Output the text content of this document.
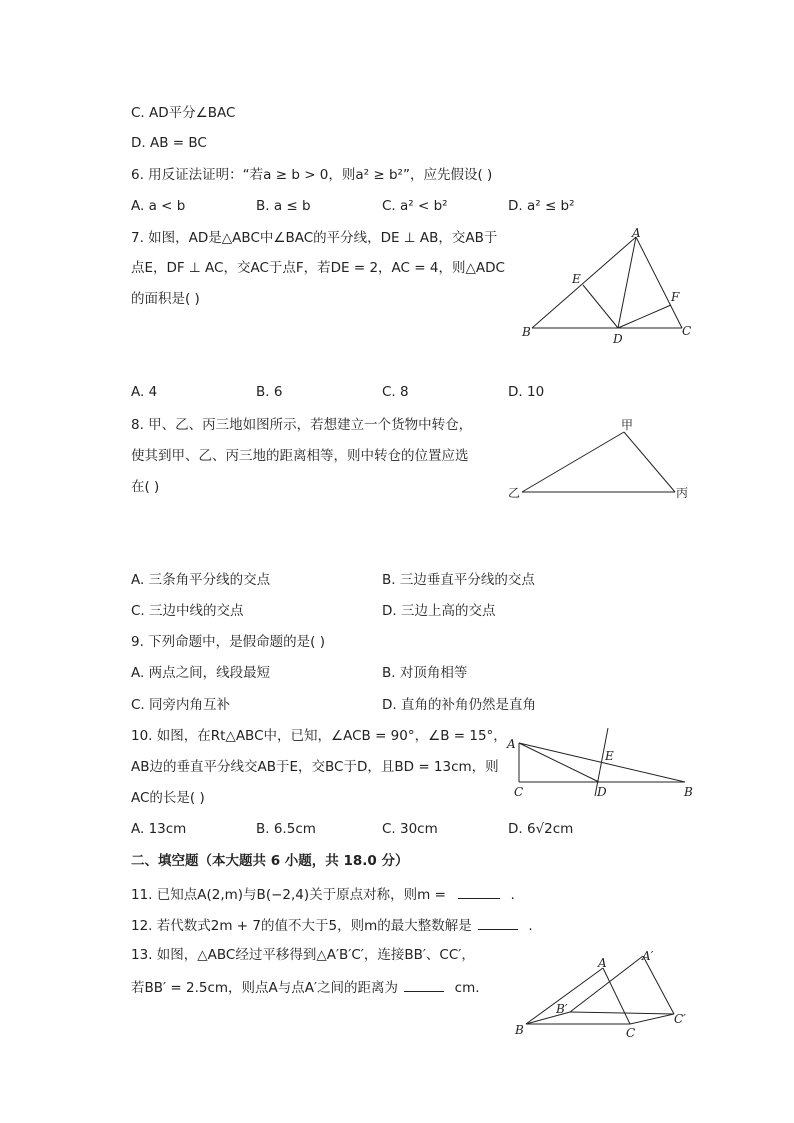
C. AD平分∠BAC
D. AB = BC
6. 用反证法证明：“若a ≥ b > 0，则a² ≥ b²”，应先假设( )
A. a < b	B. a ≤ b	C. a² < b²	D. a² ≤ b²
7. 如图，AD是△ABC中∠BAC的平分线，DE ⊥ AB，交AB于
点E，DF ⊥ AC，交AC于点F，若DE = 2，AC = 4，则△ADC
的面积是( )
A
B	C
D
E
F
A. 4	B. 6	C. 8	D. 10
8. 甲、乙、丙三地如图所示，若想建立一个货物中转仓，
使其到甲、乙、丙三地的距离相等，则中转仓的位置应选
在( )
甲
乙	丙
A. 三条角平分线的交点	B. 三边垂直平分线的交点
C. 三边中线的交点	D. 三边上高的交点
9. 下列命题中，是假命题的是( )
A. 两点之间，线段最短	B. 对顶角相等
C. 同旁内角互补	D. 直角的补角仍然是直角
10. 如图，在Rt△ABC中，已知，∠ACB = 90°，∠B = 15°，
AB边的垂直平分线交AB于E，交BC于D，且BD = 13cm，则
AC的长是( )
A
C	D
E
B
A. 13cm	B. 6.5cm	C. 30cm	D. 6√2cm
二、填空题（本大题共 6 小题，共 18.0 分）
11. 已知点A(2,m)与B(−2,4)关于原点对称，则m =	.
12. 若代数式2m + 7的值不大于5，则m的最大整数解是	.
13. 如图，△ABC经过平移得到△A′B′C′，连接BB′、CC′，
若BB′ = 2.5cm，则点A与点A′之间的距离为	cm.
A	A′
B
B′
C
C′
